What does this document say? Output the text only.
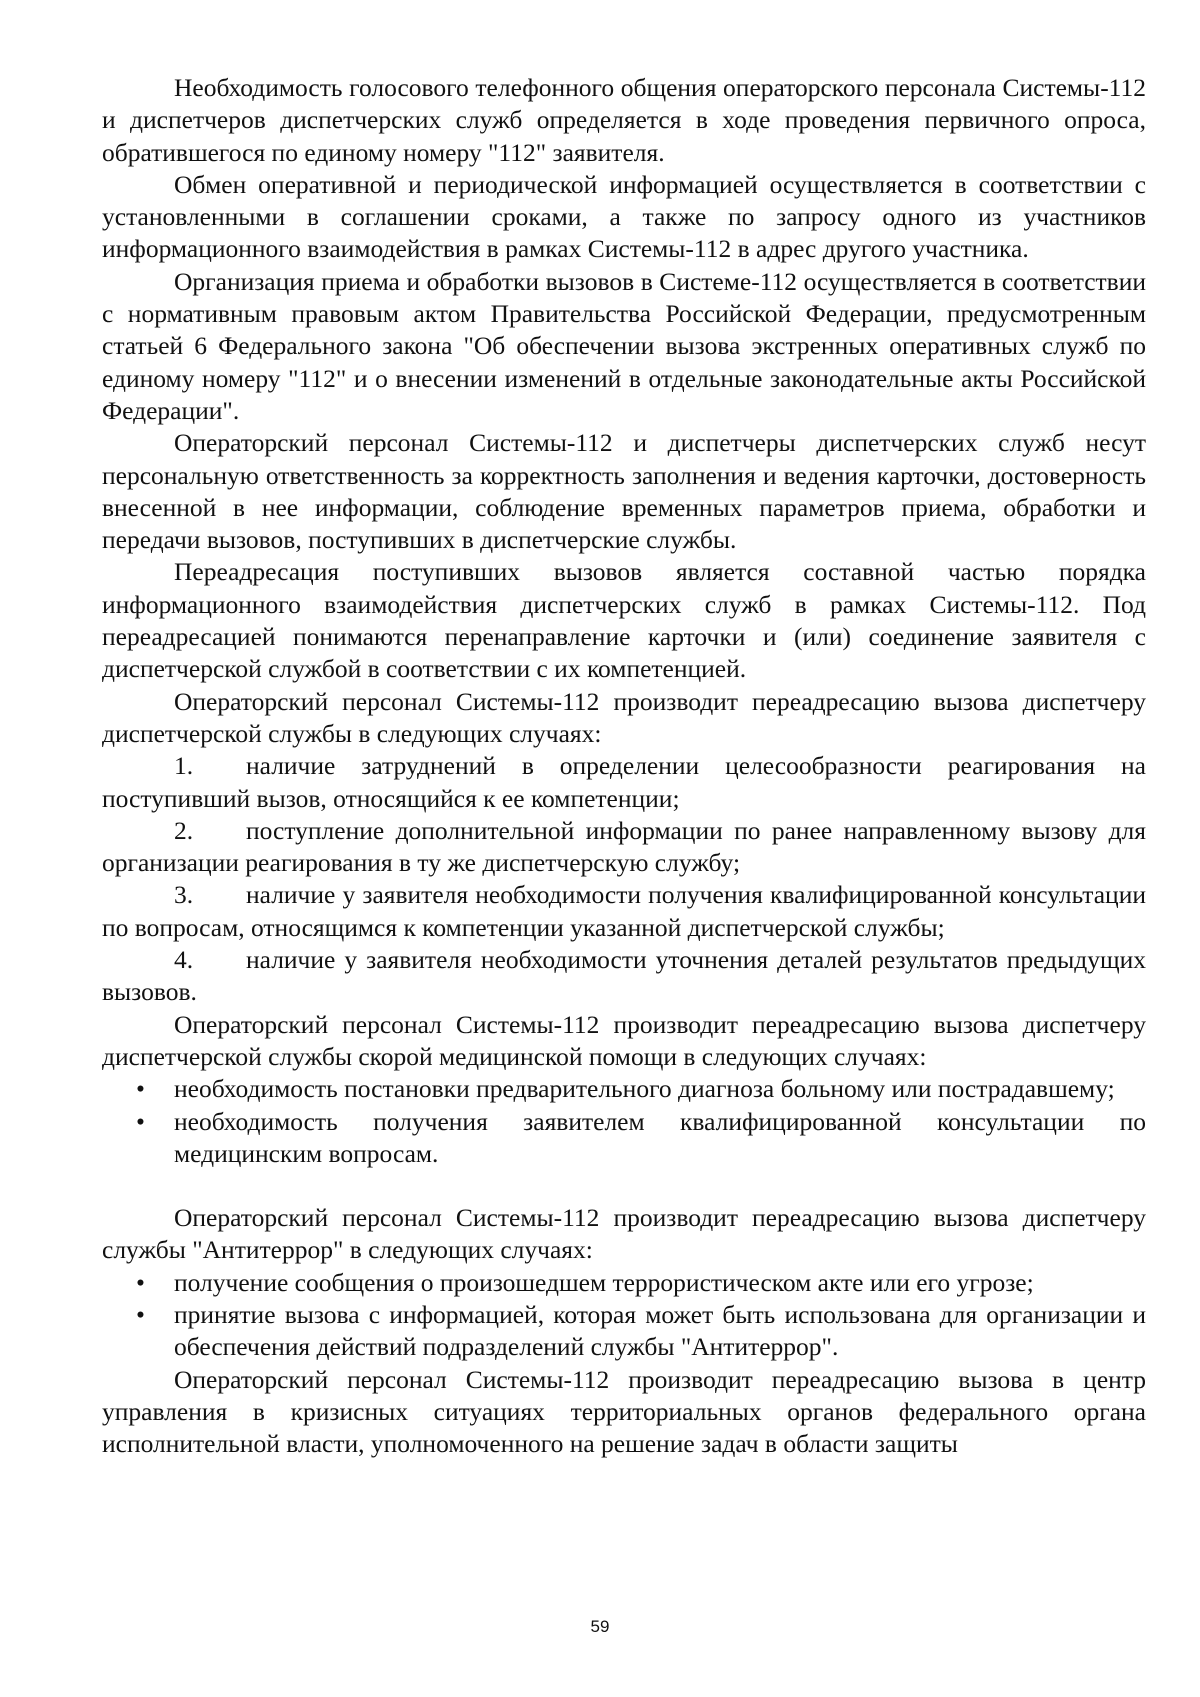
Необходимость голосового телефонного общения операторского персонала Системы-112 и диспетчеров диспетчерских служб определяется в ходе проведения первичного опроса, обратившегося по единому номеру "112" заявителя.

Обмен оперативной и периодической информацией осуществляется в соответствии с установленными в соглашении сроками, а также по запросу одного из участников информационного взаимодействия в рамках Системы-112 в адрес другого участника.

Организация приема и обработки вызовов в Системе-112 осуществляется в соответствии с нормативным правовым актом Правительства Российской Федерации, предусмотренным статьей 6 Федерального закона "Об обеспечении вызова экстренных оперативных служб по единому номеру "112" и о внесении изменений в отдельные законодательные акты Российской Федерации".

Операторский персонал Системы-112 и диспетчеры диспетчерских служб несут персональную ответственность за корректность заполнения и ведения карточки, достоверность внесенной в нее информации, соблюдение временных параметров приема, обработки и передачи вызовов, поступивших в диспетчерские службы.

Переадресация поступивших вызовов является составной частью порядка информационного взаимодействия диспетчерских служб в рамках Системы-112. Под переадресацией понимаются перенаправление карточки и (или) соединение заявителя с диспетчерской службой в соответствии с их компетенцией.

Операторский персонал Системы-112 производит переадресацию вызова диспетчеру диспетчерской службы в следующих случаях:

1. наличие затруднений в определении целесообразности реагирования на поступивший вызов, относящийся к ее компетенции;

2. поступление дополнительной информации по ранее направленному вызову для организации реагирования в ту же диспетчерскую службу;

3. наличие у заявителя необходимости получения квалифицированной консультации по вопросам, относящимся к компетенции указанной диспетчерской службы;

4. наличие у заявителя необходимости уточнения деталей результатов предыдущих вызовов.

Операторский персонал Системы-112 производит переадресацию вызова диспетчеру диспетчерской службы скорой медицинской помощи в следующих случаях:

• необходимость постановки предварительного диагноза больному или пострадавшему;
• необходимость получения заявителем квалифицированной консультации по медицинским вопросам.

Операторский персонал Системы-112 производит переадресацию вызова диспетчеру службы "Антитеррор" в следующих случаях:

• получение сообщения о произошедшем террористическом акте или его угрозе;
• принятие вызова с информацией, которая может быть использована для организации и обеспечения действий подразделений службы "Антитеррор".

Операторский персонал Системы-112 производит переадресацию вызова в центр управления в кризисных ситуациях территориальных органов федерального органа исполнительной власти, уполномоченного на решение задач в области защиты

59
